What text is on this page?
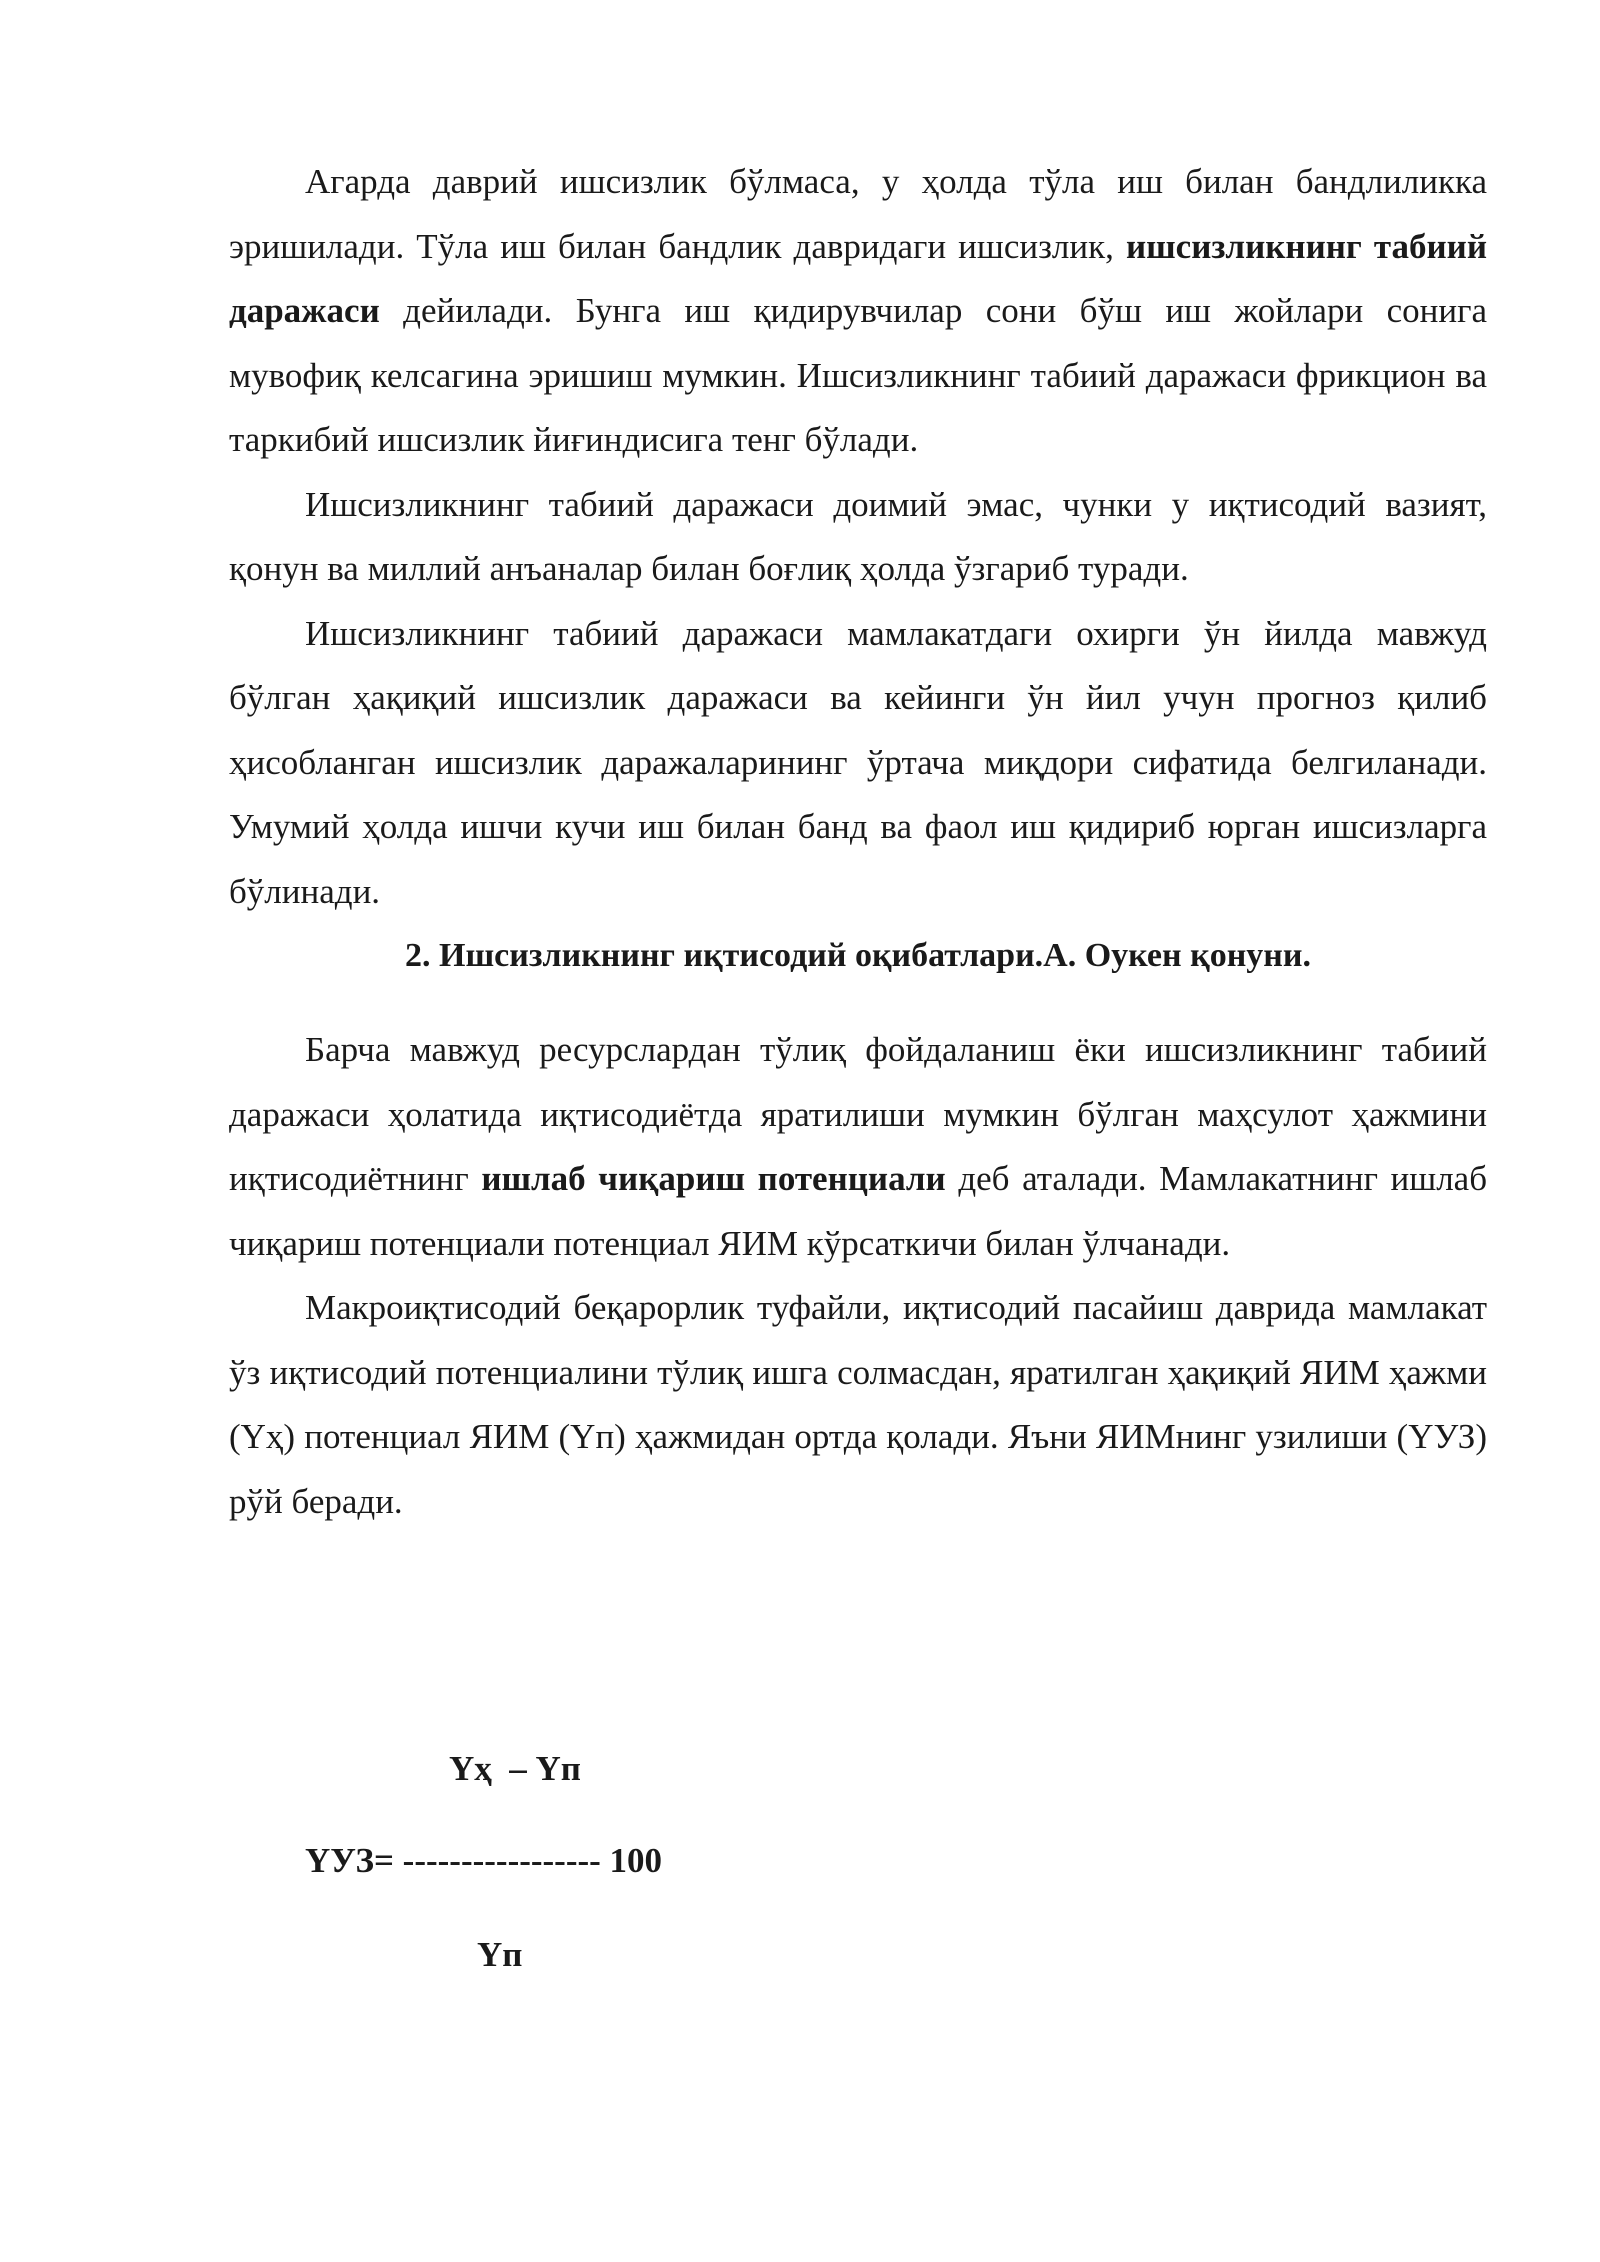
Агарда даврий ишсизлик бўлмаса, у ҳолда тўла иш билан бандлиликка эришилади. Тўла иш билан бандлик давридаги ишсизлик, ишсизликнинг табиий даражаси дейилади. Бунга иш қидирувчилар сони бўш иш жойлари сонига мувофиқ келсагина эришиш мумкин. Ишсизликнинг табиий даражаси фрикцион ва таркибий ишсизлик йиғиндисига тенг бўлади.

Ишсизликнинг табиий даражаси доимий эмас, чунки у иқтисодий вазият, қонун ва миллий анъаналар билан боғлиқ ҳолда ўзгариб туради.

Ишсизликнинг табиий даражаси мамлакатдаги охирги ўн йилда мавжуд бўлган ҳақиқий ишсизлик даражаси ва кейинги ўн йил учун прогноз қилиб ҳисобланган ишсизлик даражаларининг ўртача миқдори сифатида белгиланади. Умумий ҳолда ишчи кучи иш билан банд ва фаол иш қидириб юрган ишсизларга бўлинади.

2. Ишсизликнинг иқтисодий оқибатлари.А. Оукен қонуни.

Барча мавжуд ресурслардан тўлиқ фойдаланиш ёки ишсизликнинг табиий даражаси ҳолатида иқтисодиётда яратилиши мумкин бўлган маҳсулот ҳажмини иқтисодиётнинг ишлаб чиқариш потенциали деб аталади. Мамлакатнинг ишлаб чиқариш потенциали потенциал ЯИМ кўрсаткичи билан ўлчанади.

Макроиқтисодий беқарорлик туфайли, иқтисодий пасайиш даврида мамлакат ўз иқтисодий потенциалини тўлиқ ишга солмасдан, яратилган ҳақиқий ЯИМ ҳажми (Yҳ) потенциал ЯИМ (Yп) ҳажмидан ортда қолади. Яъни ЯИМнинг узилиши (YУЗ) рўй беради.

Yҳ  – Yп
YУЗ= ----------------- 100
Yп
